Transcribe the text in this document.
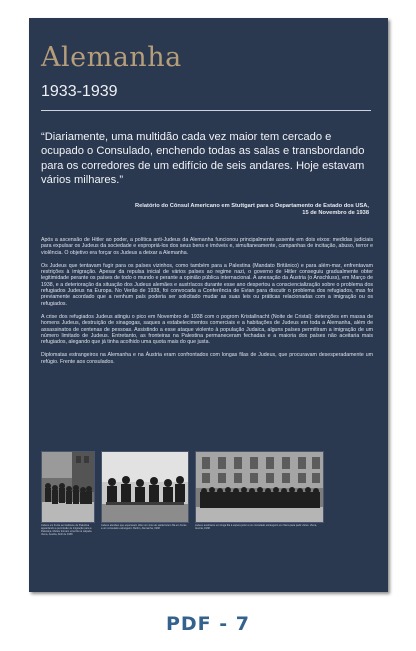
Alemanha
1933-1939
“Diariamente, uma multidão cada vez maior tem cercado e ocupado o Consulado, enchendo todas as salas e transbordando para os corredores de um edifício de seis andares. Hoje estavam vários milhares.”
Relatório do Cônsul Americano em Stuttgart para o Departamento de Estado dos USA,
15 de Novembro de 1938

Após a ascensão de Hitler ao poder, a política anti-Judeus da Alemanha funcionou principalmente assente em dois eixos: medidas judiciais para expulsar os Judeus da sociedade e expropriá-los dos seus bens e imóveis e, simultaneamente, campanhas de incitação, abuso, terror e violência. O objetivo era forçar os Judeus a deixar a Alemanha.

Os Judeus que tentavam fugir para os países vizinhos, como também para a Palestina (Mandato Britânico) e para além-mar, enfrentavam restrições à imigração. Apesar da repulsa inicial de vários países ao regime nazi, o governo de Hitler conseguiu gradualmente obter legitimidade perante os países de todo o mundo e perante a opinião pública internacional. A anexação da Áustria (o Anschluss), em Março de 1938, e a deterioração da situação dos Judeus alemães e austríacos durante esse ano despertou a consciencialização sobre o problema dos refugiados Judeus na Europa. No Verão de 1938, foi convocada a Conferência de Evian para discutir o problema dos refugiados, mas foi previamente acordado que a nenhum país poderia ser solicitado mudar as suas leis ou práticas relacionadas com a imigração ou os refugiados.

A crise dos refugiados Judeus atingiu o pico em Novembro de 1938 com o pogrom Kristallnacht (Noite de Cristal): detenções em massa de homens Judeus, destruição de sinagogas, saques a estabelecimentos comerciais e a habitações de Judeus em toda a Alemanha, além de assassinatos de centenas de pessoas. Assistindo a esse ataque violento à população Judaica, alguns países permitiram a imigração de um número limitado de Judeus. Entretanto, as fronteiras na Palestina permaneceram fechadas e a maioria dos países não aceitaria mais refugiados, alegando que já tinha acolhido uma quota mais do que justa.

Diplomatas estrangeiros na Alemanha e na Áustria eram confrontados com longas filas de Judeus, que procuravam desesperadamente um refúgio. Frente aos consulados.

Judeus em frente ao Gabinete de Palestina aguardando a permissão de imigração para a Palestina. Muitos formam uma fila na calçada. Viena, Áustria, Abril de 1938
Judeus alemães que esperavam obter um visto de saída fazem fila em frente a um consulado estrangeiro. Berlim, Alemanha, 1938
Judeus austríacos em longa fila à espera junto a um consulado estrangeiro em Viena para pedir vistos. Viena, Áustria, 1938
PDF - 7
